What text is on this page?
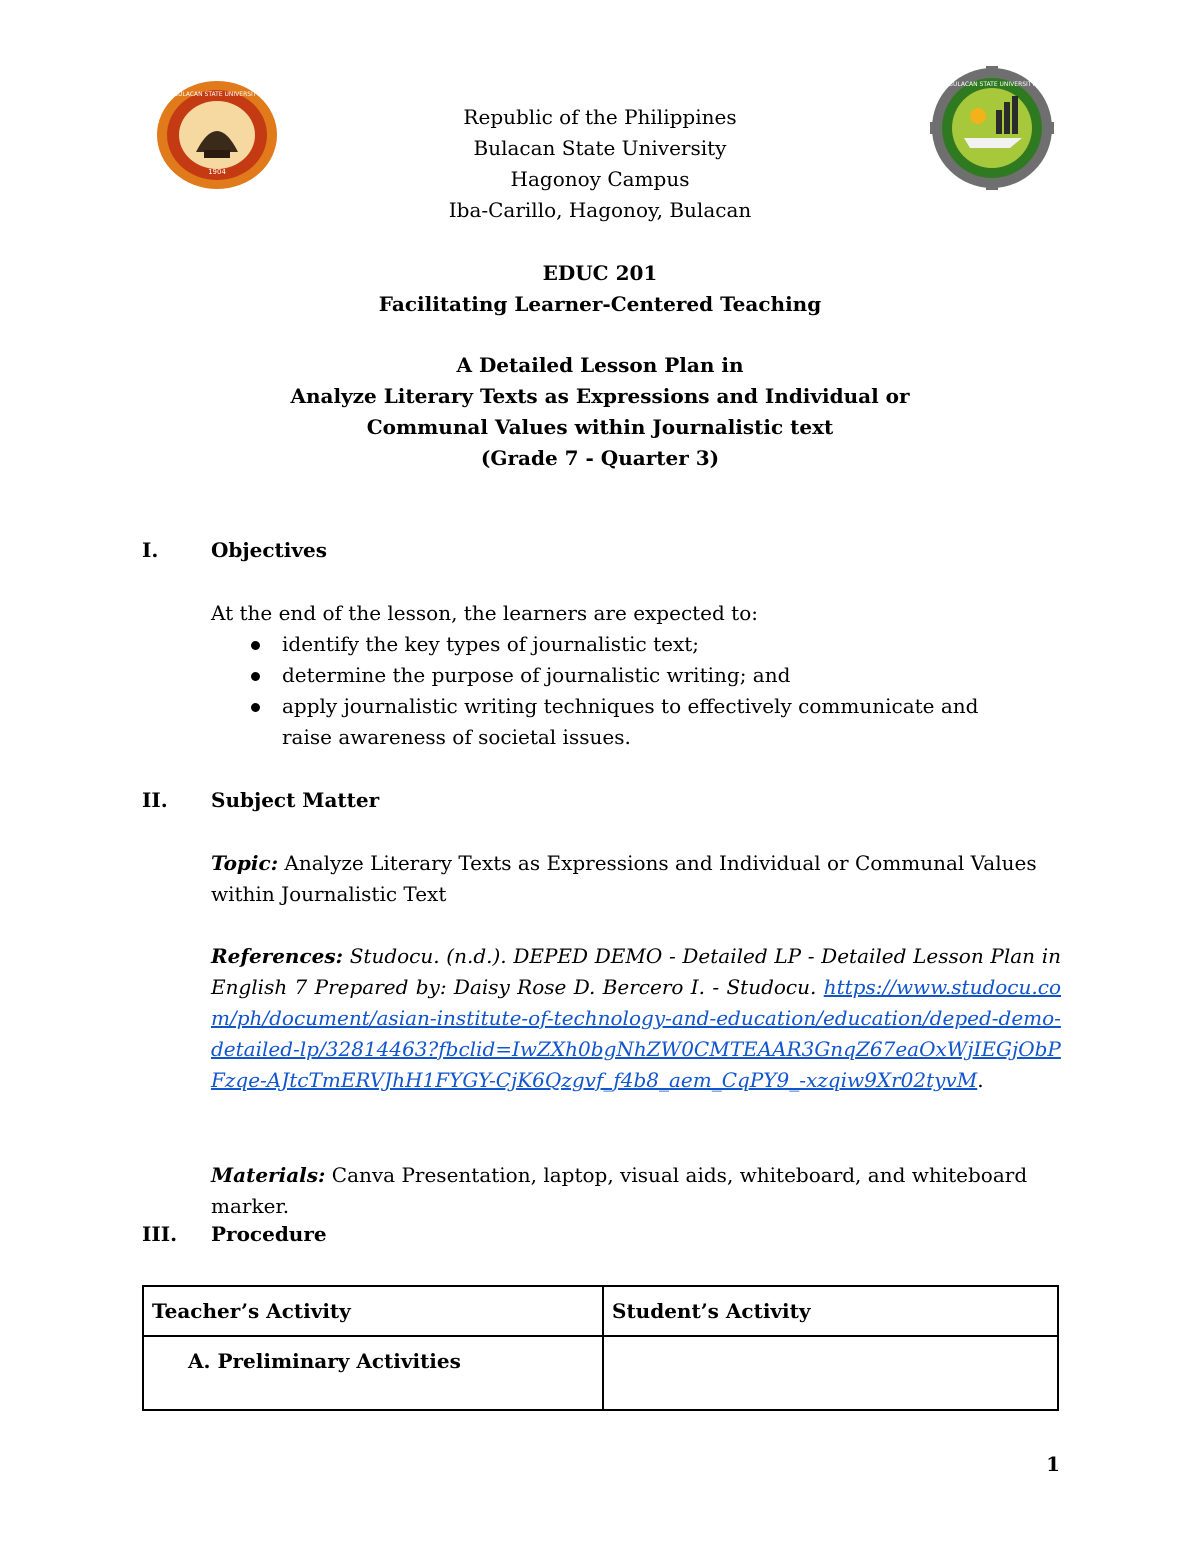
1904
BULACAN STATE UNIVERSITY
BULACAN STATE UNIVERSITY
Republic of the Philippines
Bulacan State University
Hagonoy Campus
Iba-Carillo, Hagonoy, Bulacan
EDUC 201
Facilitating Learner-Centered Teaching
A Detailed Lesson Plan in
Analyze Literary Texts as Expressions and Individual or
Communal Values within Journalistic text
(Grade 7 - Quarter 3)
I.	Objectives
At the end of the lesson, the learners are expected to:
identify the key types of journalistic text;
determine the purpose of journalistic writing; and
apply journalistic writing techniques to effectively communicate and raise awareness of societal issues.
II. Subject Matter
Topic: Analyze Literary Texts as Expressions and Individual or Communal Values within Journalistic Text
References: Studocu. (n.d.). DEPED DEMO - Detailed LP - Detailed Lesson Plan in English 7 Prepared by: Daisy Rose D. Bercero I. - Studocu. https://www.studocu.com/ph/document/asian-institute-of-technology-and-education/education/deped-demo-detailed-lp/32814463?fbclid=IwZXh0bgNhZW0CMTEAAR3GnqZ67eaOxWjIEGjObPFzqe-AJtcTmERVJhH1FYGY-CjK6Qzgvf_f4b8_aem_CqPY9_-xzqiw9Xr02tyvM.
Materials: Canva Presentation, laptop, visual aids, whiteboard, and whiteboard marker.
III. Procedure
Teacher’s Activity	Student’s Activity
A. Preliminary Activities	
1
